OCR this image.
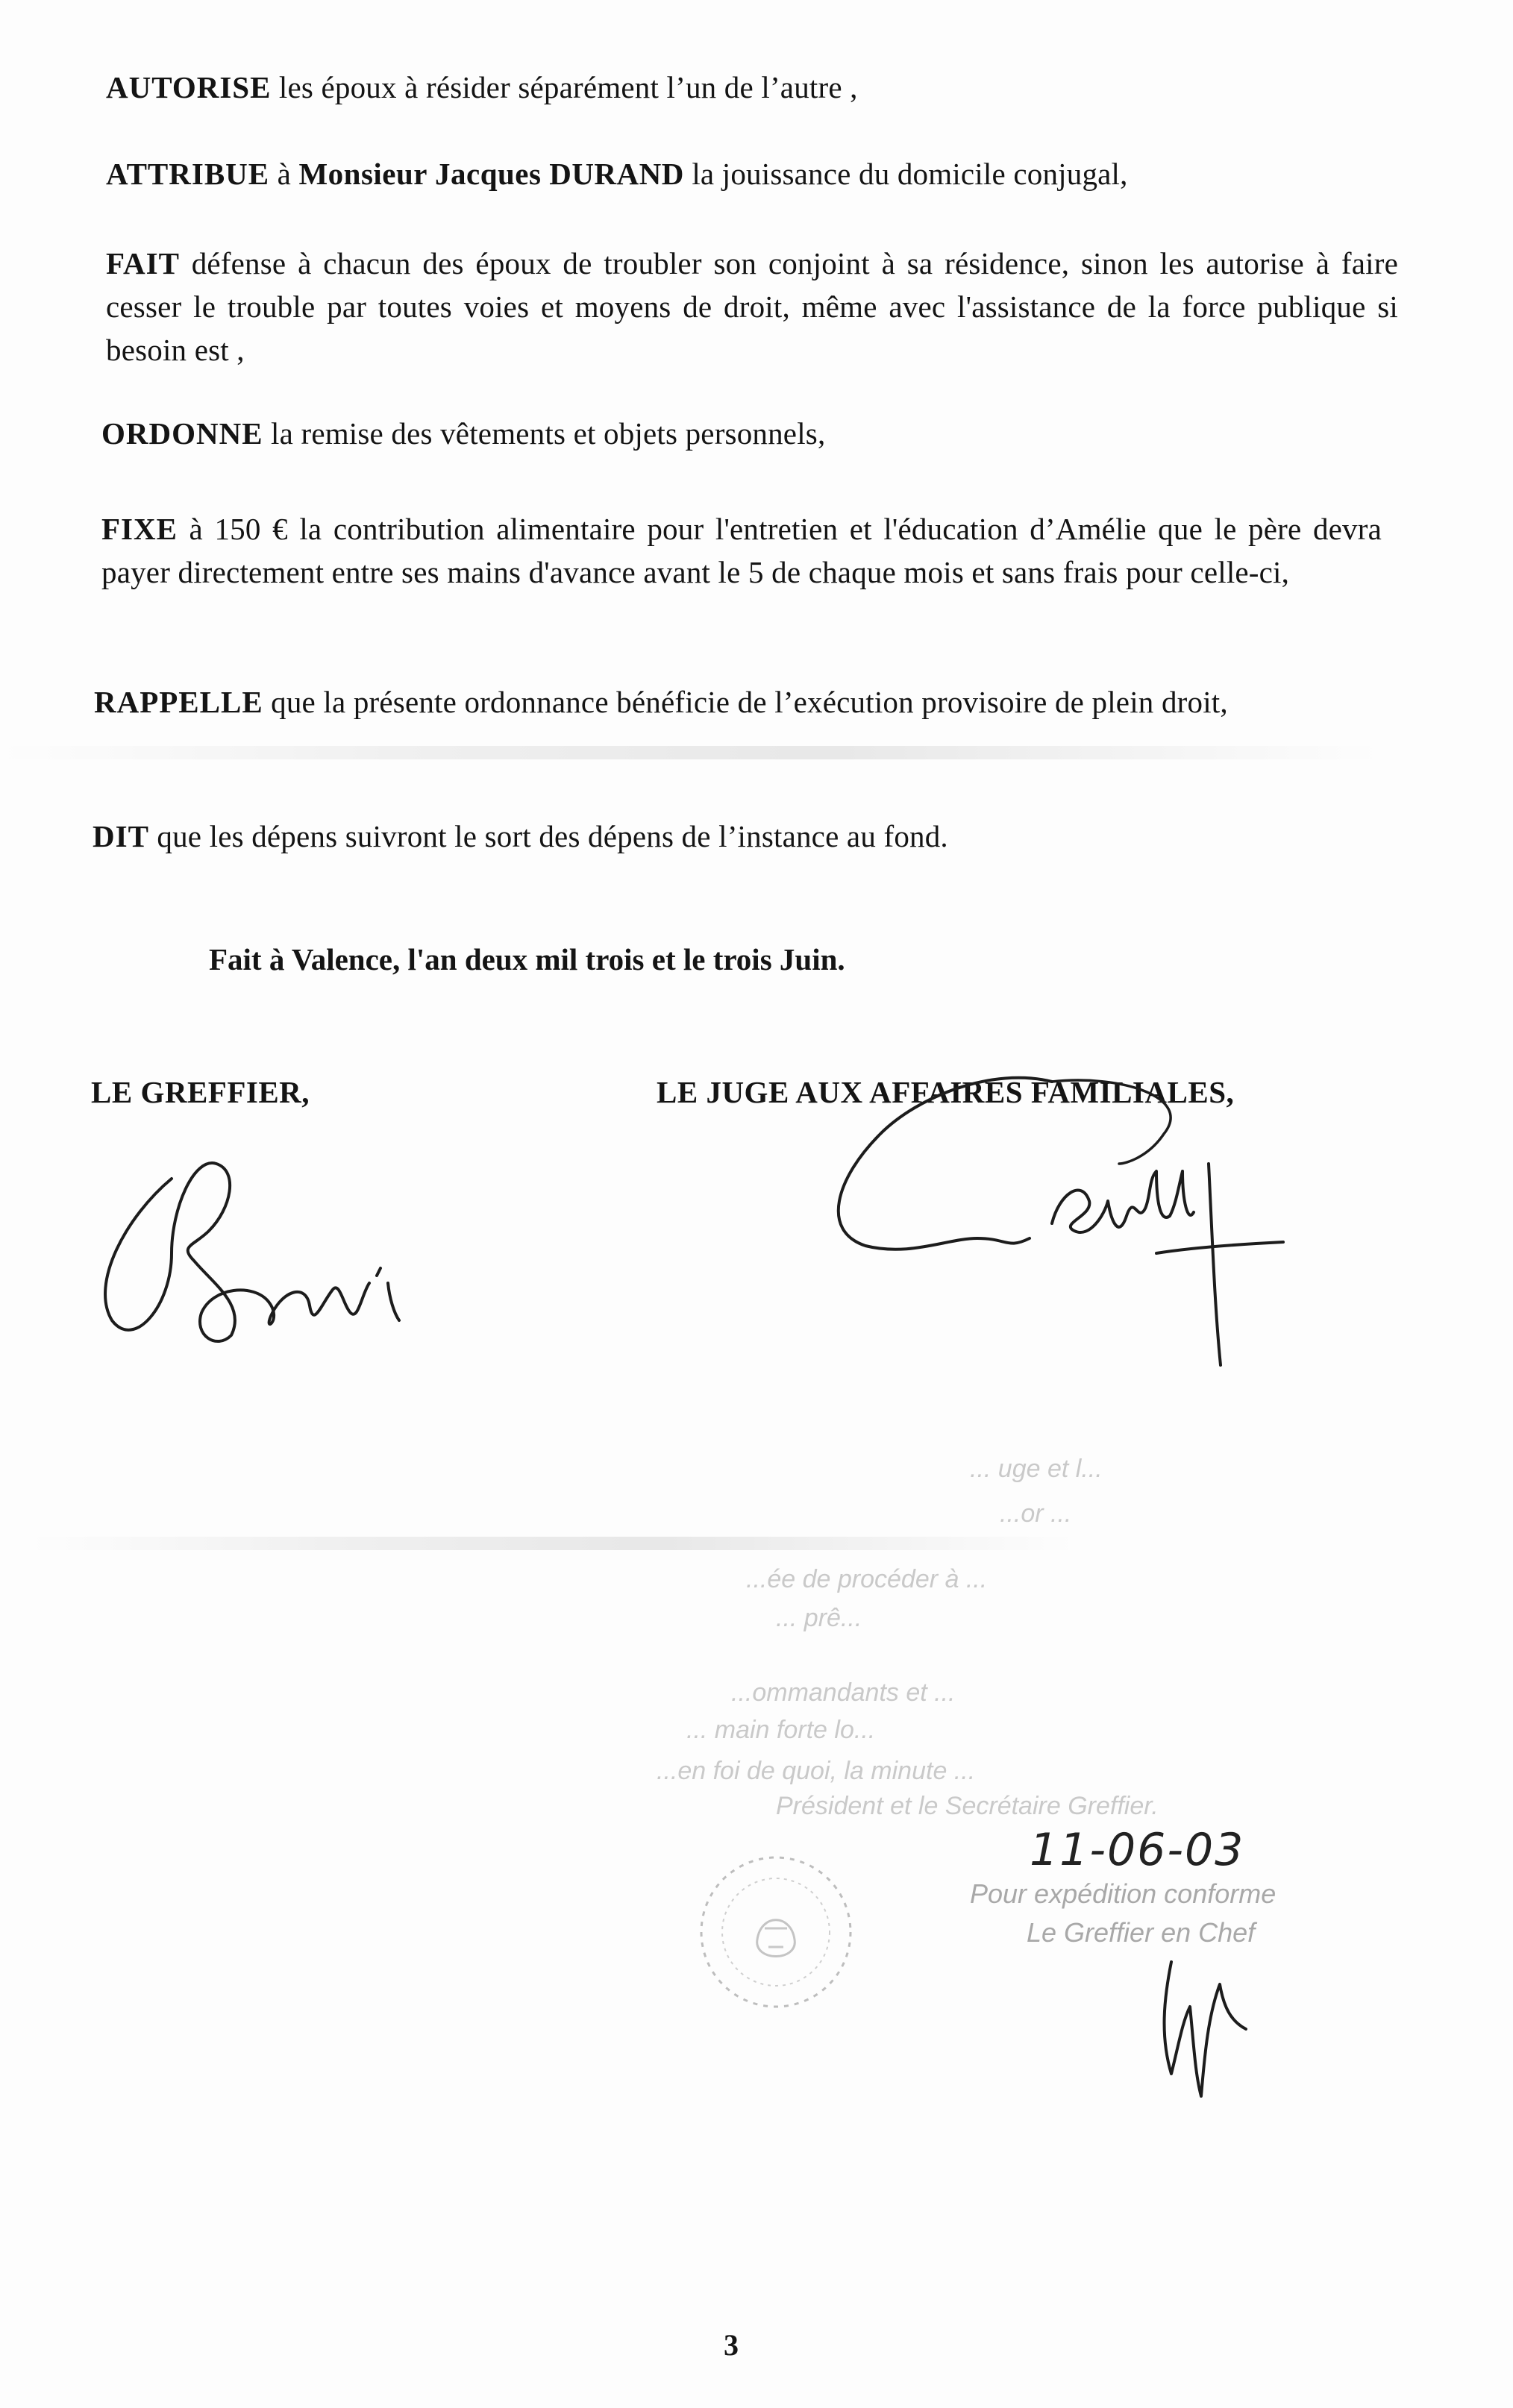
AUTORISE les époux à résider séparément l’un de l’autre ,

ATTRIBUE à Monsieur Jacques DURAND la jouissance du domicile conjugal,

FAIT défense à chacun des époux de troubler son conjoint à sa résidence, sinon les autorise à faire cesser le trouble par toutes voies et moyens de droit, même avec l'assistance de la force publique si besoin est ,

ORDONNE la remise des vêtements et objets personnels,

FIXE à 150 € la contribution alimentaire pour l'entretien et l'éducation d’Amélie que le père devra payer directement entre ses mains d'avance avant le 5 de chaque mois et sans frais pour celle-ci,

RAPPELLE que la présente ordonnance bénéficie de l’exécution provisoire de plein droit,

DIT que les dépens suivront le sort des dépens de l’instance au fond.

Fait à Valence, l'an deux mil trois et le trois Juin.

LE GREFFIER,	LE JUGE AUX AFFAIRES FAMILIALES,

... uge et l...

...or ...

...ée de procéder à ...

... prê...

...ommandants et ...

... main forte lo...

...en foi de quoi, la minute ...

Président et le Secrétaire Greffier.

11-06-03

Pour expédition conforme

Le Greffier en Chef

3
